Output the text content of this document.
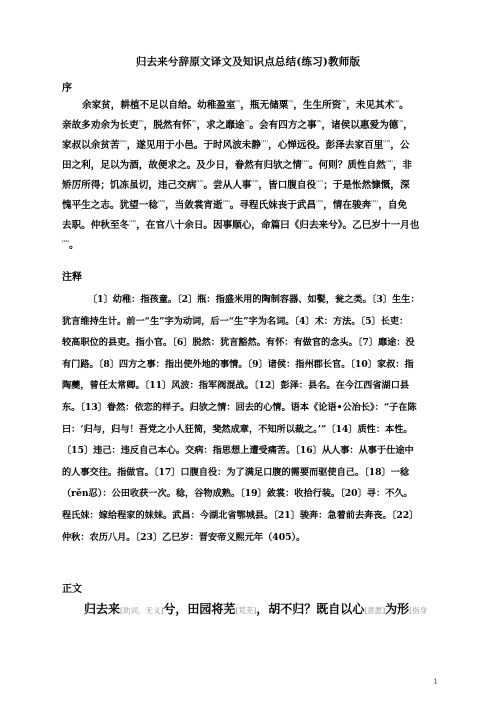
归去来兮辞原文译文及知识点总结(练习)教师版
序
余家贫，耕植不足以自给。幼稚盈室$^{^{(1)}}$，瓶无储粟$^{^{(2)}}$，生生所资$^{^{(3)}}$，未见其术$^{^{(4)}}$。
亲故多劝余为长吏$^{^{(5)}}$，脱然有怀$^{^{(6)}}$，求之靡途$^{^{(7)}}$。会有四方之事$^{^{(8)}}$，诸侯以惠爱为德$^{^{(9)}}$，
家叔以余贫苦$^{^{(10)}}$，遂见用于小邑。于时风波未静$^{^{(11)}}$，心惮远役。彭泽去家百里$^{^{(12)}}$，公
田之利，足以为酒，故便求之。及少日，眷然有归欤之情$^{^{(13)}}$。何则？质性自然$^{^{(14)}}$，非
矫厉所得；饥冻虽切，违己交病$^{^{(15)}}$。尝从人事$^{^{(16)}}$，皆口腹自役$^{^{(17)}}$；于是怅然慷慨，深
愧平生之志。犹望一稔$^{^{(18)}}$，当敛裳宵逝$^{^{(19)}}$。寻程氏妹丧于武昌$^{^{(20)}}$，情在骏奔$^{^{(21)}}$，自免
去职。仲秋至冬$^{^{(22)}}$，在官八十余日。因事顺心，命篇曰《归去来兮》。乙巳岁十一月也
$^{^{(23)}}$。
注释
〔1〕幼稚：指孩童。〔2〕瓶：指盛米用的陶制容器、如甏，瓮之类。〔3〕生生：
犹言维持生计。前一“生”字为动词，后一“生”字为名词。〔4〕术：方法。〔5〕长吏：
较高职位的县吏。指小官。〔6〕脱然：犹言豁然。有怀：有做官的念头。〔7〕靡途：没
有门路。〔8〕四方之事：指出使外地的事情。〔9〕诸侯：指州郡长官。〔10〕家叔：指
陶夔，曾任太常卿。〔11〕风波：指军阀混战。〔12〕彭泽：县名。在今江西省湖口县
东。〔13〕眷然：依恋的样子。归欤之情：回去的心情。语本《论语•公冶长》：“子在陈
曰：‘归与，归与！吾党之小人狂简，斐然成章，不知所以裁之。’”〔14〕质性：本性。
〔15〕违己：违反自己本心。交病：指思想上遭受痛苦。〔16〕从人事：从事于仕途中
的人事交往。指做官。〔17〕口腹自役：为了满足口腹的需要而驱使自己。〔18〕一稔
（rěn忍）：公田收获一次。稔，谷物成熟。〔19〕敛裳：收拾行装。〔20〕寻：不久。
程氏妹：嫁给程家的妹妹。武昌：今湖北省鄂城县。〔21〕骏奔：急着前去奔丧。〔22〕
仲秋：农历八月。〔23〕乙巳岁：晋安帝义熙元年（405）。
正文
归去来[助词，无义]兮，田园将芜[荒芜]，胡不归？既自以心[意愿]为形[指身
1
